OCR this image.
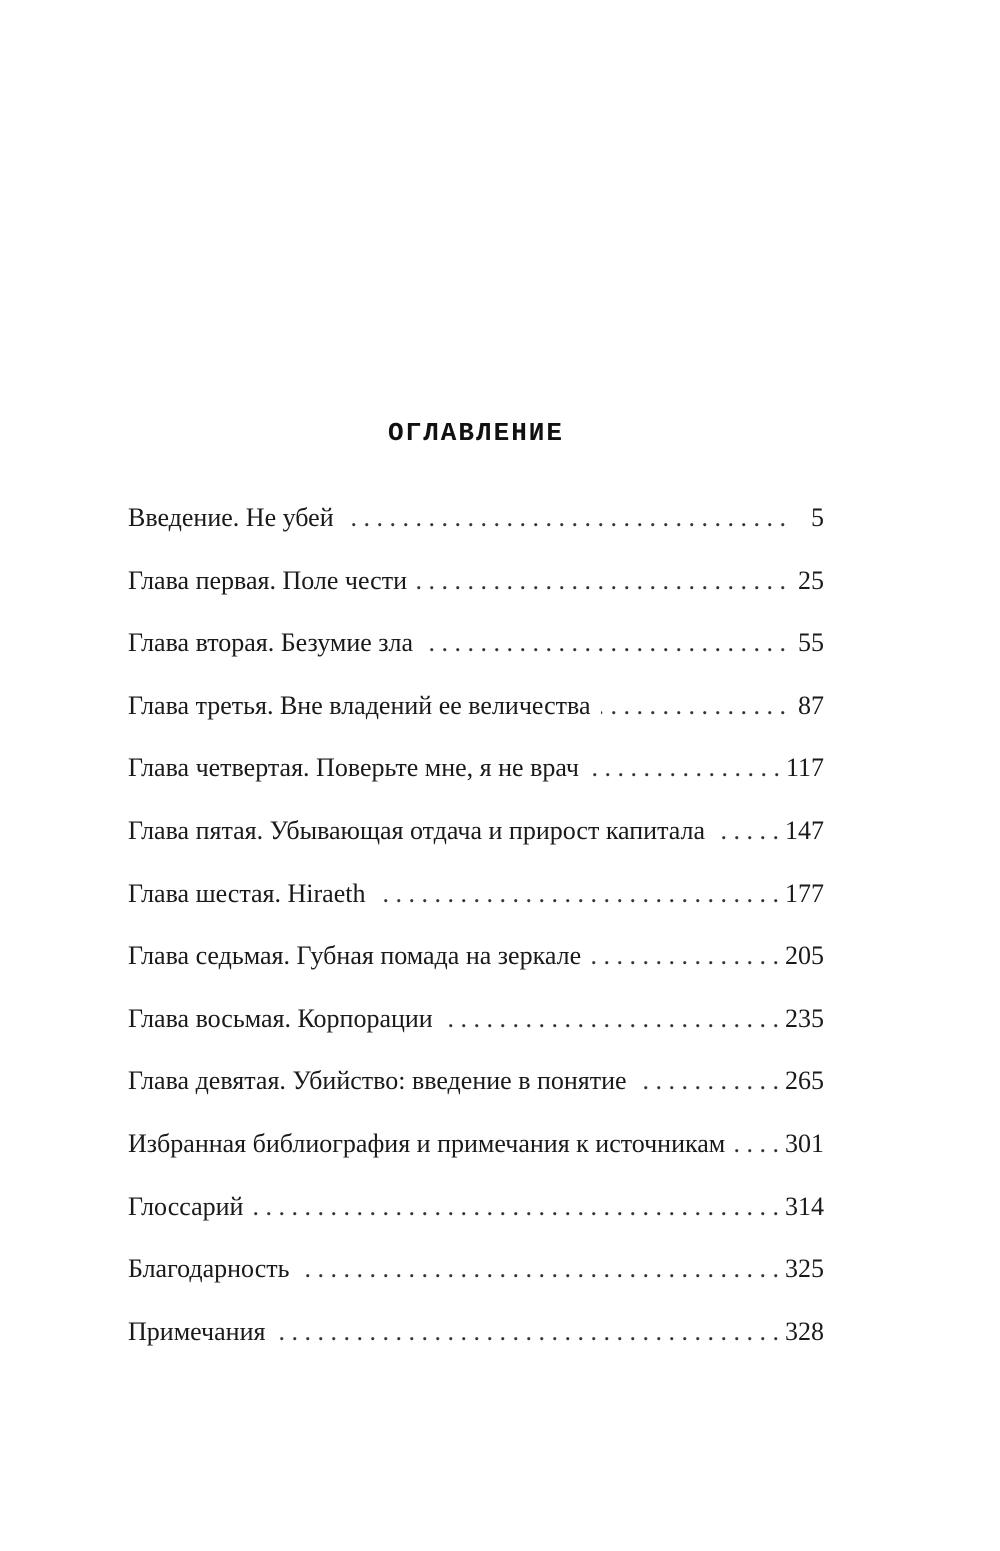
ОГЛАВЛЕНИЕ
Введение. Не убей . . .	5
Глава первая. Поле чести . . .	25
Глава вторая. Безумие зла . . .	55
Глава третья. Вне владений ее величества . . .	87
Глава четвертая. Поверьте мне, я не врач . . .	117
Глава пятая. Убывающая отдача и прирост капитала . . .	147
Глава шестая. Hiraeth . . .	177
Глава седьмая. Губная помада на зеркале . . .	205
Глава восьмая. Корпорации . . .	235
Глава девятая. Убийство: введение в понятие . . .	265
Избранная библиография и примечания к источникам . . . 301
Глоссарий . . .	314
Благодарность . . .	325
Примечания . . .	328
